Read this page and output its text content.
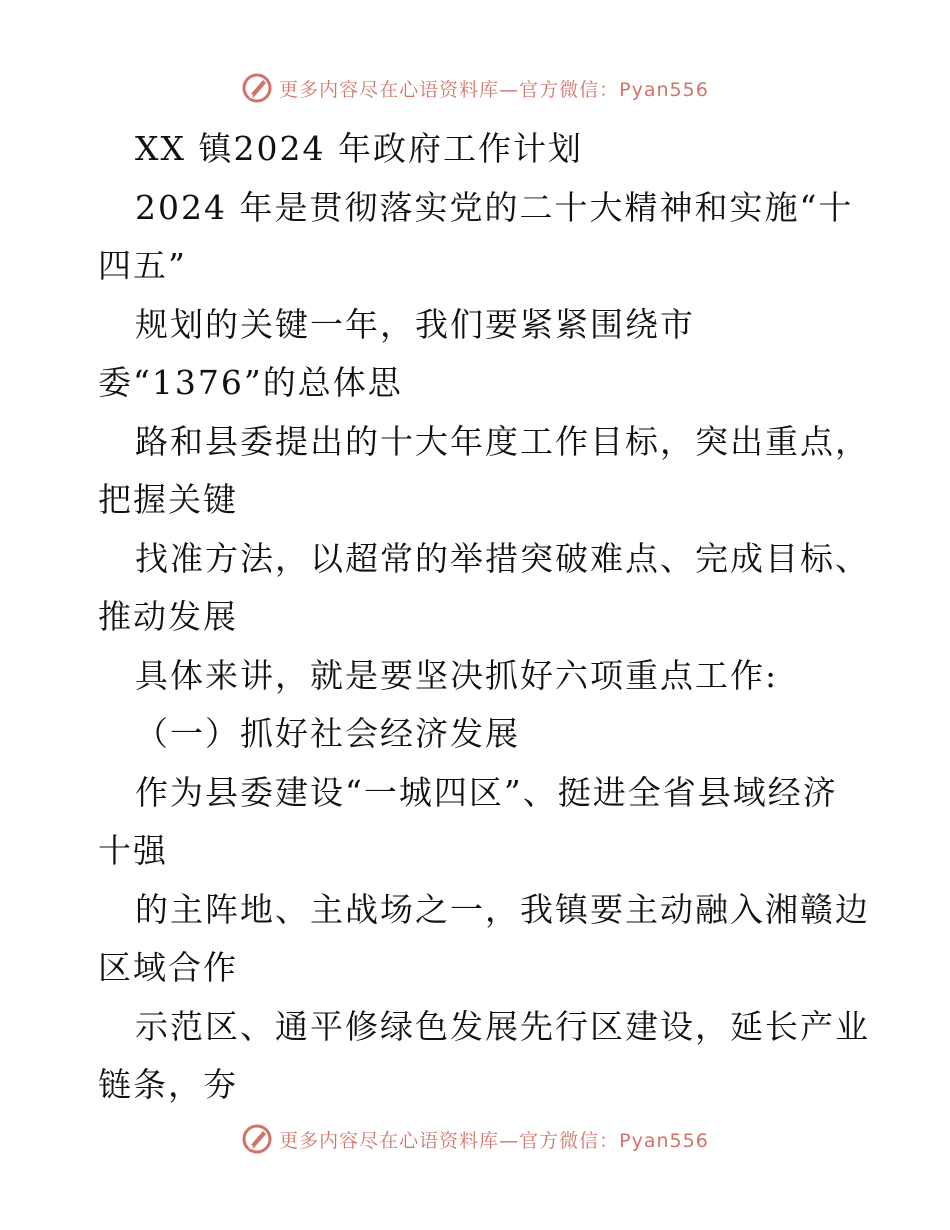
更多内容尽在心语资料库—官方微信：Pyan556
XX 镇2024 年政府工作计划
2024 年是贯彻落实党的二十大精神和实施“十
四五”
规划的关键一年，我们要紧紧围绕市
委“1376”的总体思
路和县委提出的十大年度工作目标，突出重点，
把握关键
找准方法，以超常的举措突破难点、完成目标、
推动发展
具体来讲，就是要坚决抓好六项重点工作:
（一）抓好社会经济发展
作为县委建设“一城四区”、挺进全省县域经济
十强
的主阵地、主战场之一，我镇要主动融入湘赣边
区域合作
示范区、通平修绿色发展先行区建设，延长产业
链条，夯
更多内容尽在心语资料库—官方微信：Pyan556
